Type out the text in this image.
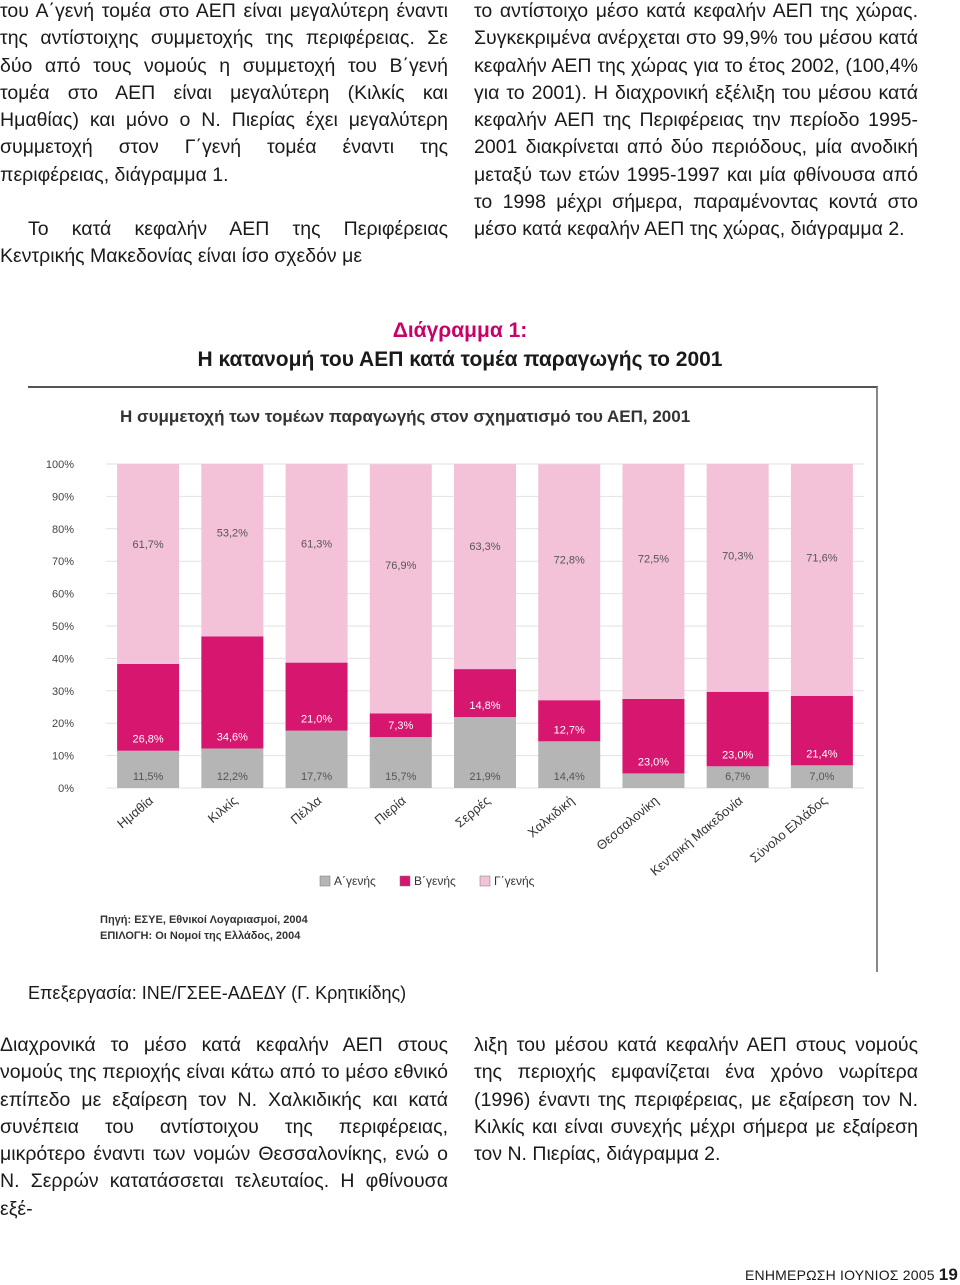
του Α΄γενή τομέα στο ΑΕΠ είναι μεγαλύτερη έναντι της αντίστοιχης συμμετοχής της περιφέρειας. Σε δύο από τους νομούς η συμμετοχή του Β΄γενή τομέα στο ΑΕΠ είναι μεγαλύτερη (Κιλκίς και Ημαθίας) και μόνο ο Ν. Πιερίας έχει μεγαλύτερη συμμετοχή στον Γ΄γενή τομέα έναντι της περιφέρειας, διάγραμμα 1.

Το κατά κεφαλήν ΑΕΠ της Περιφέρειας Κεντρικής Μακεδονίας είναι ίσο σχεδόν με

το αντίστοιχο μέσο κατά κεφαλήν ΑΕΠ της χώρας. Συγκεκριμένα ανέρχεται στο 99,9% του μέσου κατά κεφαλήν ΑΕΠ της χώρας για το έτος 2002, (100,4% για το 2001). Η διαχρονική εξέλιξη του μέσου κατά κεφαλήν ΑΕΠ της Περιφέρειας την περίοδο 1995-2001 διακρίνεται από δύο περιόδους, μία ανοδική μεταξύ των ετών 1995-1997 και μία φθίνουσα από το 1998 μέχρι σήμερα, παραμένοντας κοντά στο μέσο κατά κεφαλήν ΑΕΠ της χώρας, διάγραμμα 2.

Διάγραμμα 1:
Η κατανομή του ΑΕΠ κατά τομέα παραγωγής το 2001
Η συμμετοχή των τομέων παραγωγής στον σχηματισμό του ΑΕΠ, 2001
0%
10%
20%
30%
40%
50%
60%
70%
80%
90%
100%
11,5%
26,8%
61,7%
Ημαθία
12,2%
34,6%
53,2%
Κιλκίς
17,7%
21,0%
61,3%
Πέλλα
15,7%
7,3%
76,9%
Πιερία
21,9%
14,8%
63,3%
Σερρές
14,4%
12,7%
72,8%
Χαλκιδική
23,0%
72,5%
Θεσσαλονίκη
6,7%
23,0%
70,3%
Κεντρική Μακεδονία
7,0%
21,4%
71,6%
Σύνολο Ελλάδος
Α΄γενής	Β΄γενής	Γ΄γενής
Πηγή: ΕΣΥΕ, Εθνικοί Λογαριασμοί, 2004
ΕΠΙΛΟΓΗ: Οι Νομοί της Ελλάδος, 2004
Επεξεργασία: ΙΝΕ/ΓΣΕΕ-ΑΔΕΔΥ (Γ. Κρητικίδης)

Διαχρονικά το μέσο κατά κεφαλήν ΑΕΠ στους νομούς της περιοχής είναι κάτω από το μέσο εθνικό επίπεδο με εξαίρεση τον Ν. Χαλκιδικής και κατά συνέπεια του αντίστοιχου της περιφέρειας, μικρότερο έναντι των νομών Θεσσαλονίκης, ενώ ο Ν. Σερρών κατατάσσεται τελευταίος. Η φθίνουσα εξέ-

λιξη του μέσου κατά κεφαλήν ΑΕΠ στους νομούς της περιοχής εμφανίζεται ένα χρόνο νωρίτερα (1996) έναντι της περιφέρειας, με εξαίρεση τον Ν. Κιλκίς και είναι συνεχής μέχρι σήμερα με εξαίρεση τον Ν. Πιερίας, διάγραμμα 2.

ΕΝΗΜΕΡΩΣΗ ΙΟΥΝΙΟΣ 2005 19
